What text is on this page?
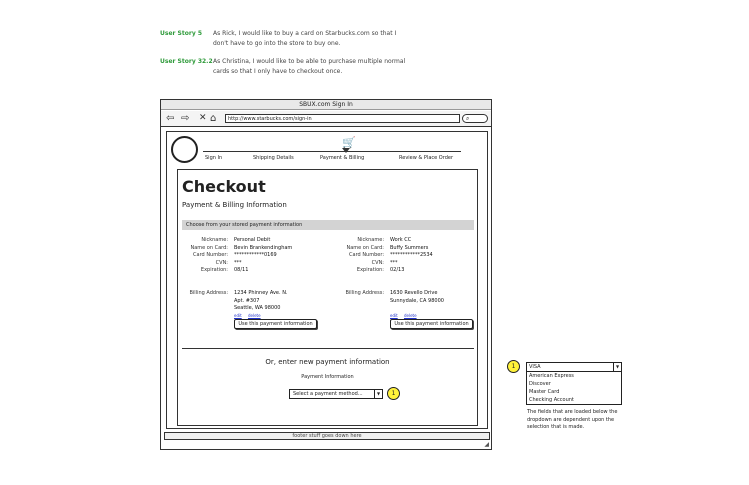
User Story 5 As Rick, I would like to buy a card on Starbucks.com so that I don't have to go into the store to buy one.
User Story 32.2 As Christina, I would like to be able to purchase multiple normal cards so that I only have to checkout once.
SBUX.com Sign In
⇦ ⇨ ✕ ⌂	http://www.starbucks.com/sign-in	⌕
🛒
Sign In	Shipping Details	Payment & Billing	Review & Place Order
Checkout
Payment & Billing Information
Choose from your stored payment information
Nickname: Personal Debit
Name on Card: Bevin Brankendingham
Card Number: ************0169
CVN: ***
Expiration: 08/11
Billing Address: 1234 Phinney Ave. N.
Apt. #307
Seattle, WA 98000
edit delete
Use this payment information
Nickname: Work CC
Name on Card: Buffy Summers
Card Number: ************2534
CVN: ***
Expiration: 02/13
Billing Address: 1630 Revello Drive
Sunnydale, CA 98000
edit delete
Use this payment information
Or, enter new payment information
Payment Information
Select a payment method...	▼	1
footer stuff goes down here
◢
1	VISA	▼
American Express
Discover
Master Card
Checking Account
The fields that are loaded below the dropdown are dependent upon the selection that is made.
